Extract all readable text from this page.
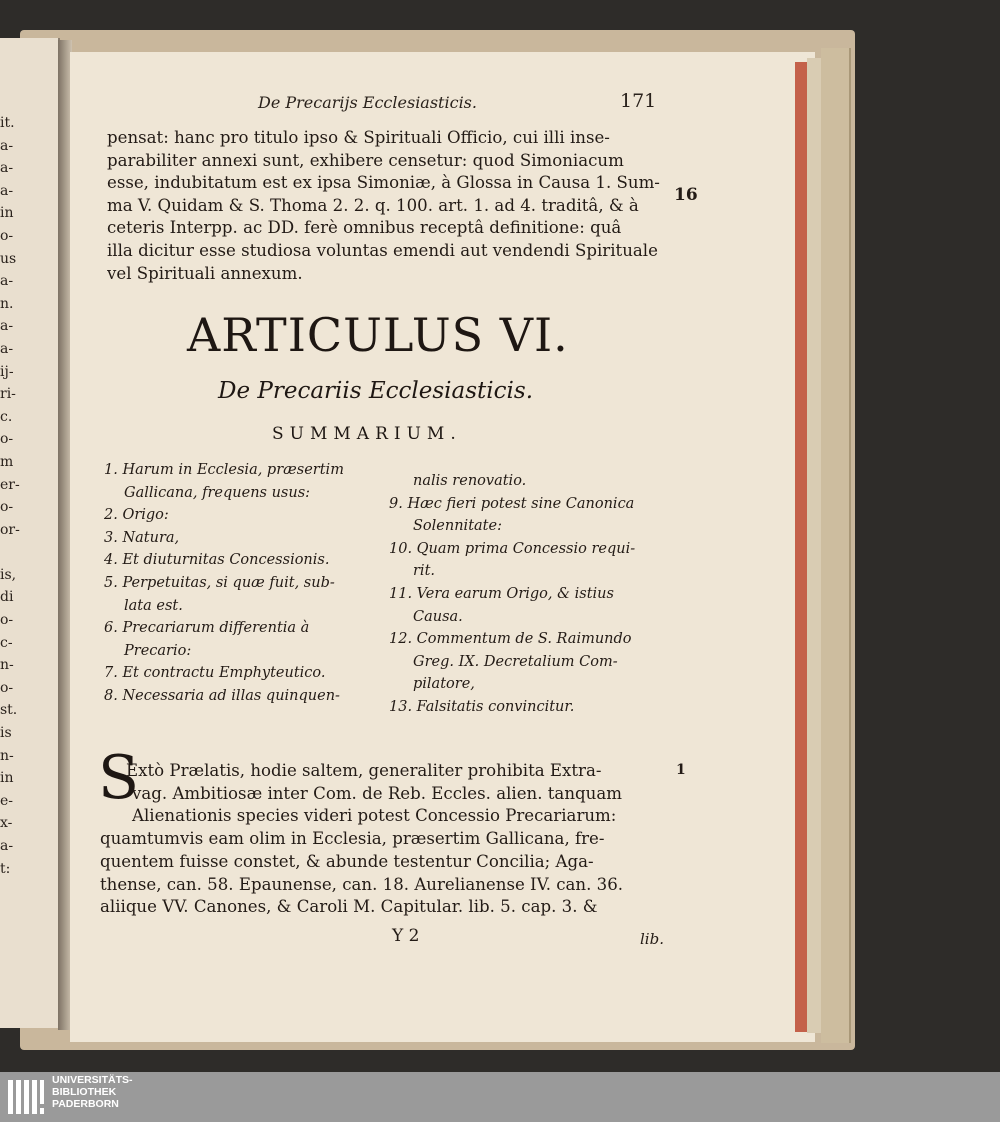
it.
a-
a-
a-
in
o-
us
a-
n.
a-
a-
ij-
ri-
c.
o-
m
er-
o-
or-
is,
di
o-
c-
n-
o-
st.
is
n-
in
e-
x-
a-
t:
De Precarijs Ecclesiasticis.	171
pensat: hanc pro titulo ipso & Spirituali Officio, cui illi inse-
parabiliter annexi sunt, exhibere censetur: quod Simoniacum
esse, indubitatum est ex ipsa Simoniæ, à Glossa in Causa 1. Sum-
ma V. Quidam & S. Thoma 2. 2. q. 100. art. 1. ad 4. traditâ, & à
ceteris Interpp. ac DD. ferè omnibus receptâ definitione: quâ
illa dicitur esse studiosa voluntas emendi aut vendendi Spirituale
vel Spirituali annexum.
16
ARTICULUS VI.
De Precariis Ecclesiasticis.
SUMMARIUM.
1. Harum in Ecclesia, præsertim
Gallicana, frequens usus:
2. Origo:
3. Natura,
4. Et diuturnitas Concessionis.
5. Perpetuitas, si quæ fuit, sub-
lata est.
6. Precariarum differentia à
Precario:
7. Et contractu Emphyteutico.
8. Necessaria ad illas quinquen-
nalis renovatio.
9. Hæc fieri potest sine Canonica
Solennitate:
10. Quam prima Concessio requi-
rit.
11. Vera earum Origo, & istius
Causa.
12. Commentum de S. Raimundo
Greg. IX. Decretalium Com-
pilatore,
13. Falsitatis convincitur.
S
Extò Prælatis, hodie saltem, generaliter prohibita Extra-
vag. Ambitiosæ inter Com. de Reb. Eccles. alien. tanquam
Alienationis species videri potest Concessio Precariarum:
quamtumvis eam olim in Ecclesia, præsertim Gallicana, fre-
quentem fuisse constet, & abunde testentur Concilia; Aga-
thense, can. 58. Epaunense, can. 18. Aurelianense IV. can. 36.
aliique VV. Canones, & Caroli M. Capitular. lib. 5. cap. 3. &
1
Y 2	lib.
UNIVERSITÄTS-
BIBLIOTHEK
PADERBORN
